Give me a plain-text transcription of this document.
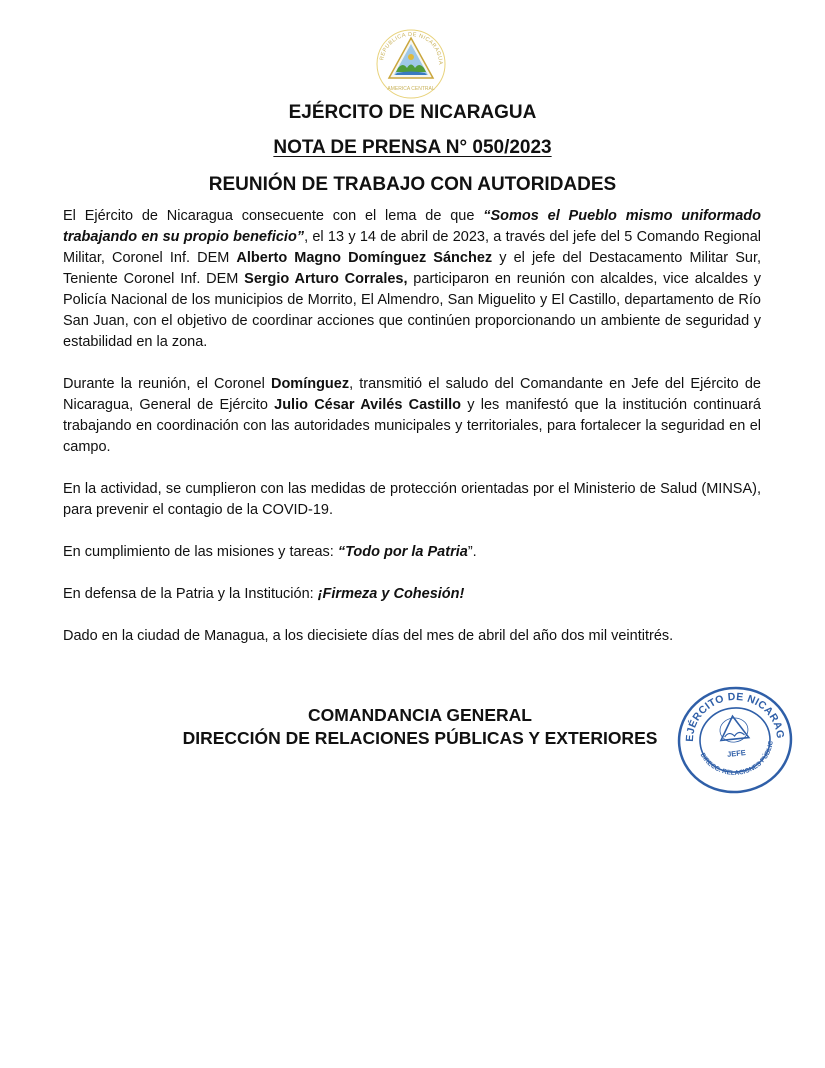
REPUBLICA DE NICARAGUA
AMERICA CENTRAL
EJÉRCITO DE NICARAGUA
NOTA DE PRENSA N° 050/2023
REUNIÓN DE TRABAJO CON AUTORIDADES

El Ejército de Nicaragua consecuente con el lema de que “Somos el Pueblo mismo uniformado trabajando en su propio beneficio”, el 13 y 14 de abril de 2023, a través del jefe del 5 Comando Regional Militar, Coronel Inf. DEM Alberto Magno Domínguez Sánchez y el jefe del Destacamento Militar Sur, Teniente Coronel Inf. DEM Sergio Arturo Corrales, participaron en reunión con alcaldes, vice alcaldes y Policía Nacional de los municipios de Morrito, El Almendro, San Miguelito y El Castillo, departamento de Río San Juan, con el objetivo de coordinar acciones que continúen proporcionando un ambiente de seguridad y estabilidad en la zona.

Durante la reunión, el Coronel Domínguez, transmitió el saludo del Comandante en Jefe del Ejército de Nicaragua, General de Ejército Julio César Avilés Castillo y les manifestó que la institución continuará trabajando en coordinación con las autoridades municipales y territoriales, para fortalecer la seguridad en el campo.

En la actividad, se cumplieron con las medidas de protección orientadas por el Ministerio de Salud (MINSA), para prevenir el contagio de la COVID-19.

En cumplimiento de las misiones y tareas: “Todo por la Patria”.

En defensa de la Patria y la Institución: ¡Firmeza y Cohesión!

Dado en la ciudad de Managua, a los diecisiete días del mes de abril del año dos mil veintitrés.

COMANDANCIA GENERAL
DIRECCIÓN DE RELACIONES PÚBLICAS Y EXTERIORES	EJÉRCITO DE NICARAGUA
DIRECC. RELACIONES PÚBLICAS
JEFE
